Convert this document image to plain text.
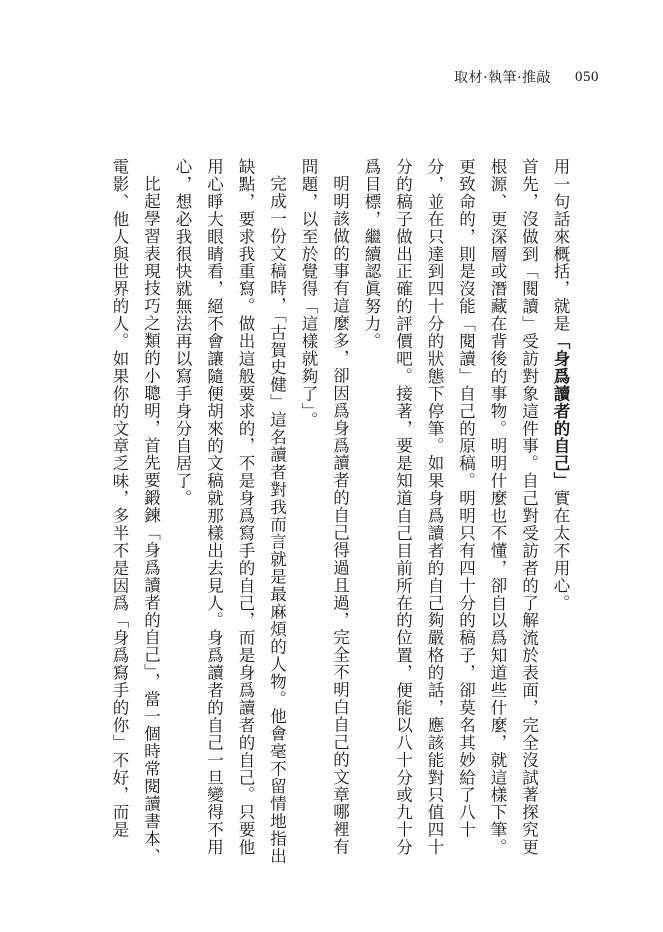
取材·執筆·推敲 050

用一句話來概括，就是「身爲讀者的自己」實在太不用心。

首先，沒做到「閱讀」受訪對象這件事。自己對受訪者的了解流於表面，完全沒試著探究更根源、更深層或潛藏在背後的事物。明明什麼也不懂，卻自以爲知道些什麼，就這樣下筆。

更致命的，則是沒能「閱讀」自己的原稿。明明只有四十分的稿子，卻莫名其妙給了八十分，並在只達到四十分的狀態下停筆。如果身爲讀者的自己夠嚴格的話，應該能對只值四十分的稿子做出正確的評價吧。接著，要是知道自己目前所在的位置，便能以八十分或九十分爲目標，繼續認眞努力。

明明該做的事有這麼多，卻因爲身爲讀者的自己得過且過，完全不明白自己的文章哪裡有問題，以至於覺得「這樣就夠了」。

完成一份文稿時，「古賀史健」這名讀者對我而言就是最麻煩的人物。他會毫不留情地指出缺點，要求我重寫。做出這般要求的，不是身爲寫手的自己，而是身爲讀者的自己。只要他用心睜大眼睛看，絕不會讓隨便胡來的文稿就那樣出去見人。身爲讀者的自己一旦變得不用心，想必我很快就無法再以寫手身分自居了。

比起學習表現技巧之類的小聰明，首先要鍛鍊「身爲讀者的自己」，當一個時常閱讀書本、電影、他人與世界的人。如果你的文章乏味，多半不是因爲「身爲寫手的你」不好，而是
